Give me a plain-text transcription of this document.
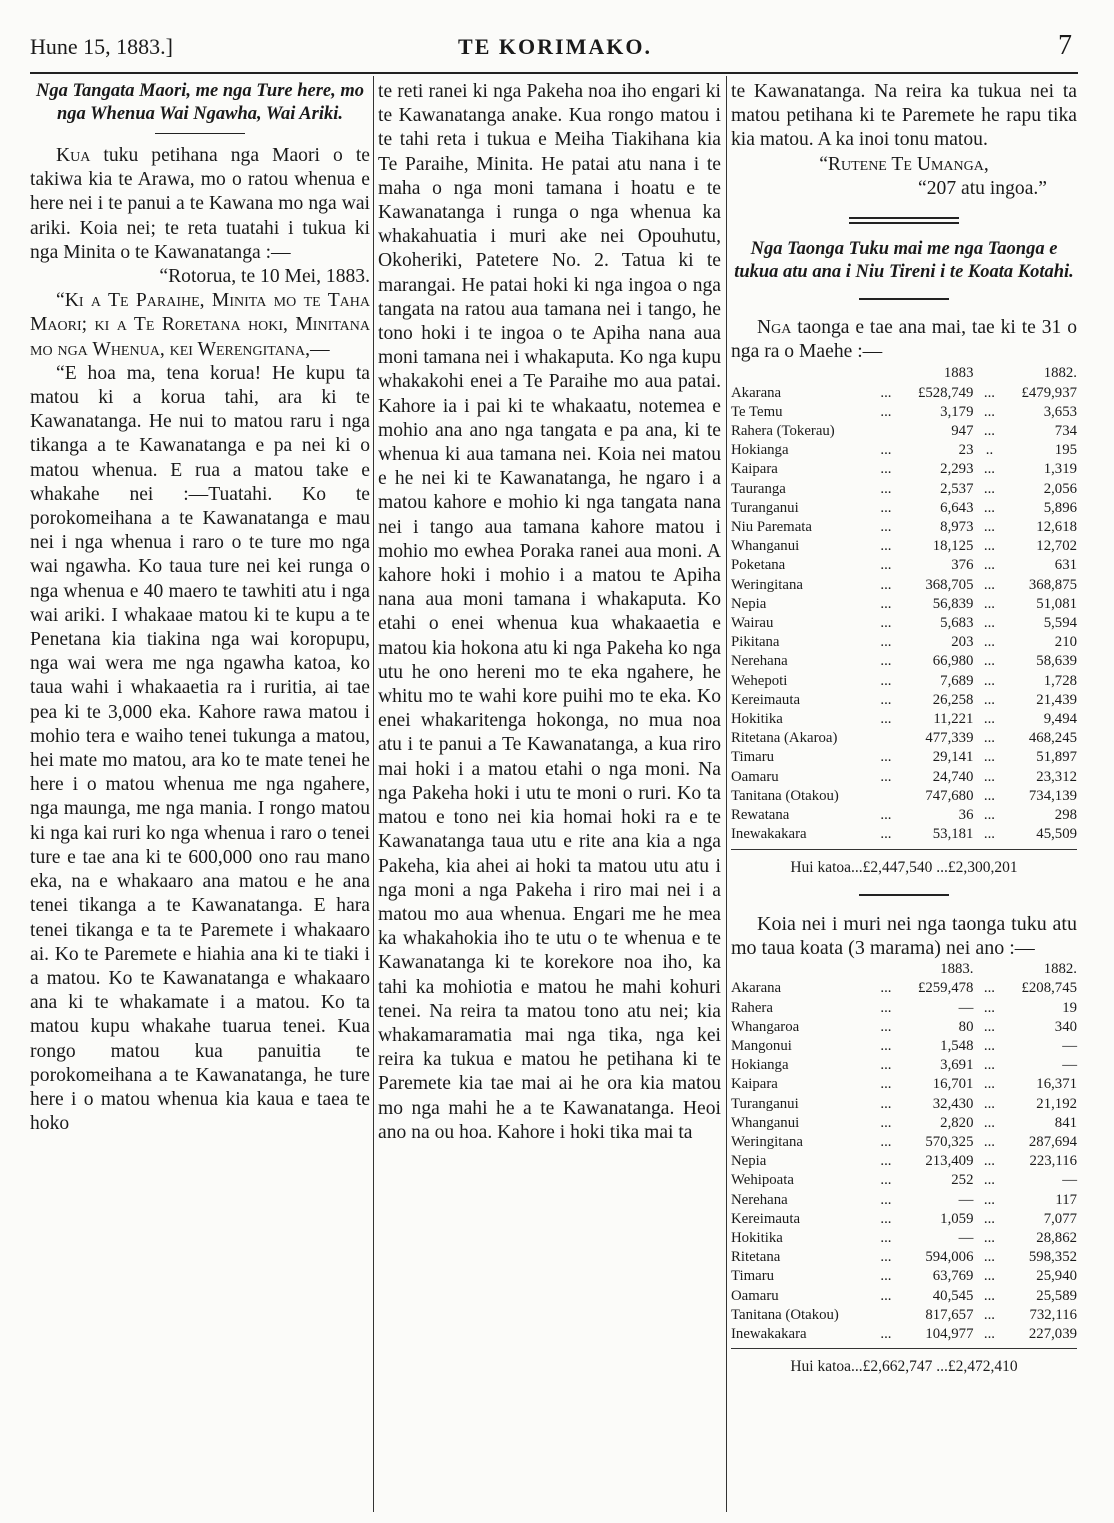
Hune 15, 1883.]	TE KORIMAKO.	7

Nga Tangata Maori, me nga Ture here, mo nga Whenua Wai Ngawha, Wai Ariki.

Kua tuku petihana nga Maori o te takiwa kia te Arawa, mo o ratou whenua e here nei i te panui a te Kawana mo nga wai ariki. Koia nei; te reta tuatahi i tukua ki nga Minita o te Kawanatanga :—

“Rotorua, te 10 Mei, 1883.

“Ki a Te Paraihe, Minita mo te Taha Maori; ki a Te Roretana hoki, Minitana mo nga Whenua, kei Werengitana,—

“E hoa ma, tena korua! He kupu ta matou ki a korua tahi, ara ki te Kawanatanga. He nui to matou raru i nga tikanga a te Kawanatanga e pa nei ki o matou whenua. E rua a matou take e whakahe nei :—Tuatahi. Ko te porokomeihana a te Kawanatanga e mau nei i nga whenua i raro o te ture mo nga wai ngawha. Ko taua ture nei kei runga o nga whenua e 40 maero te tawhiti atu i nga wai ariki. I whakaae matou ki te kupu a te Penetana kia tiakina nga wai koropupu, nga wai wera me nga ngawha katoa, ko taua wahi i whakaaetia ra i ruritia, ai tae pea ki te 3,000 eka. Kahore rawa matou i mohio tera e waiho tenei tukunga a matou, hei mate mo matou, ara ko te mate tenei he here i o matou whenua me nga ngahere, nga maunga, me nga mania. I rongo matou ki nga kai ruri ko nga whenua i raro o tenei ture e tae ana ki te 600,000 ono rau mano eka, na e whakaaro ana matou e he ana tenei tikanga a te Kawanatanga. E hara tenei tikanga e ta te Paremete i whakaaro ai. Ko te Paremete e hiahia ana ki te tiaki i a matou. Ko te Kawanatanga e whakaaro ana ki te whakamate i a matou. Ko ta matou kupu whakahe tuarua tenei. Kua rongo matou kua panuitia te porokomeihana a te Kawanatanga, he ture here i o matou whenua kia kaua e taea te hoko

te reti ranei ki nga Pakeha noa iho engari ki te Kawanatanga anake. Kua rongo matou i te tahi reta i tukua e Meiha Tiakihana kia Te Paraihe, Minita. He patai atu nana i te maha o nga moni tamana i hoatu e te Kawanatanga i runga o nga whenua ka whakahuatia i muri ake nei Opouhutu, Okoheriki, Patetere No. 2. Tatua ki te marangai. He patai hoki ki nga ingoa o nga tangata na ratou aua tamana nei i tango, he tono hoki i te ingoa o te Apiha nana aua moni tamana nei i whakaputa. Ko nga kupu whakakohi enei a Te Paraihe mo aua patai. Kahore ia i pai ki te whakaatu, notemea e mohio ana ano nga tangata e pa ana, ki te whenua ki aua tamana nei. Koia nei matou e he nei ki te Kawanatanga, he ngaro i a matou kahore e mohio ki nga tangata nana nei i tango aua tamana kahore matou i mohio mo ewhea Poraka ranei aua moni. A kahore hoki i mohio i a matou te Apiha nana aua moni tamana i whakaputa. Ko etahi o enei whenua kua whakaaetia e matou kia hokona atu ki nga Pakeha ko nga utu he ono hereni mo te eka ngahere, he whitu mo te wahi kore puihi mo te eka. Ko enei whakaritenga hokonga, no mua noa atu i te panui a Te Kawanatanga, a kua riro mai hoki i a matou etahi o nga moni. Na nga Pakeha hoki i utu te moni o ruri. Ko ta matou e tono nei kia homai hoki ra e te Kawanatanga taua utu e rite ana kia a nga Pakeha, kia ahei ai hoki ta matou utu atu i nga moni a nga Pakeha i riro mai nei i a matou mo aua whenua. Engari me he mea ka whakahokia iho te utu o te whenua e te Kawanatanga ki te korekore noa iho, ka tahi ka mohiotia e matou he mahi kohuri tenei. Na reira ta matou tono atu nei; kia whakamaramatia mai nga tika, nga kei reira ka tukua e matou he petihana ki te Paremete kia tae mai ai he ora kia matou mo nga mahi he a te Kawanatanga. Heoi ano na ou hoa. Kahore i hoki tika mai ta

te Kawanatanga. Na reira ka tukua nei ta matou petihana ki te Paremete he rapu tika kia matou. A ka inoi tonu matou.

“Rutene Te Umanga,

“207 atu ingoa.”

Nga Taonga Tuku mai me nga Taonga e tukua atu ana i Niu Tireni i te Koata Kotahi.

Nga taonga e tae ana mai, tae ki te 31 o nga ra o Maehe :—

		1883		1882.
Akarana	...	£528,749	...	£479,937
Te Temu	...	3,179	...	3,653
Rahera (Tokerau)		947	...	734
Hokianga	...	23	..	195
Kaipara	...	2,293	...	1,319
Tauranga	...	2,537	...	2,056
Turanganui	...	6,643	...	5,896
Niu Paremata	...	8,973	...	12,618
Whanganui	...	18,125	...	12,702
Poketana	...	376	...	631
Weringitana	...	368,705	...	368,875
Nepia	...	56,839	...	51,081
Wairau	...	5,683	...	5,594
Pikitana	...	203	...	210
Nerehana	...	66,980	...	58,639
Wehepoti	...	7,689	...	1,728
Kereimauta	...	26,258	...	21,439
Hokitika	...	11,221	...	9,494
Ritetana (Akaroa)		477,339	...	468,245
Timaru	...	29,141	...	51,897
Oamaru	...	24,740	...	23,312
Tanitana (Otakou)		747,680	...	734,139
Rewatana	...	36	...	298
Inewakakara	...	53,181	...	45,509
Hui katoa...£2,447,540 ...£2,300,201

Koia nei i muri nei nga taonga tuku atu mo taua koata (3 marama) nei ano :—

		1883.		1882.
Akarana	...	£259,478	...	£208,745
Rahera	...	—	...	19
Whangaroa	...	80	...	340
Mangonui	...	1,548	...	—
Hokianga	...	3,691	...	—
Kaipara	...	16,701	...	16,371
Turanganui	...	32,430	...	21,192
Whanganui	...	2,820	...	841
Weringitana	...	570,325	...	287,694
Nepia	...	213,409	...	223,116
Wehipoata	...	252	...	—
Nerehana	...	—	...	117
Kereimauta	...	1,059	...	7,077
Hokitika	...	—	...	28,862
Ritetana	...	594,006	...	598,352
Timaru	...	63,769	...	25,940
Oamaru	...	40,545	...	25,589
Tanitana (Otakou)		817,657	...	732,116
Inewakakara	...	104,977	...	227,039
Hui katoa...£2,662,747 ...£2,472,410
